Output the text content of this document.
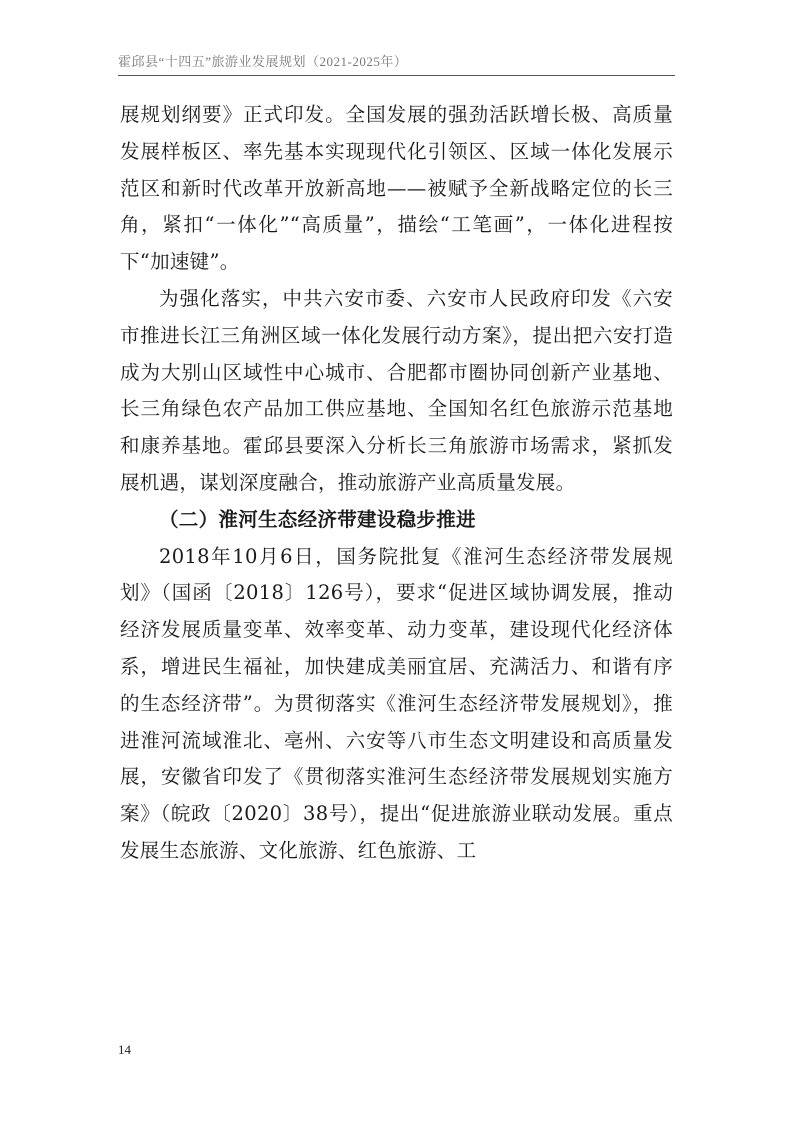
霍邱县“十四五”旅游业发展规划（2021-2025年）

展规划纲要》正式印发。全国发展的强劲活跃增长极、高质量发展样板区、率先基本实现现代化引领区、区域一体化发展示范区和新时代改革开放新高地——被赋予全新战略定位的长三角，紧扣“一体化”“高质量”，描绘“工笔画”，一体化进程按下“加速键”。

为强化落实，中共六安市委、六安市人民政府印发《六安市推进长江三角洲区域一体化发展行动方案》，提出把六安打造成为大别山区域性中心城市、合肥都市圈协同创新产业基地、长三角绿色农产品加工供应基地、全国知名红色旅游示范基地和康养基地。霍邱县要深入分析长三角旅游市场需求，紧抓发展机遇，谋划深度融合，推动旅游产业高质量发展。

（二）淮河生态经济带建设稳步推进

2018年10月6日，国务院批复《淮河生态经济带发展规划》（国函〔2018〕126号），要求“促进区域协调发展，推动经济发展质量变革、效率变革、动力变革，建设现代化经济体系，增进民生福祉，加快建成美丽宜居、充满活力、和谐有序的生态经济带”。为贯彻落实《淮河生态经济带发展规划》，推进淮河流域淮北、亳州、六安等八市生态文明建设和高质量发展，安徽省印发了《贯彻落实淮河生态经济带发展规划实施方案》（皖政〔2020〕38号），提出“促进旅游业联动发展。重点发展生态旅游、文化旅游、红色旅游、工

14
